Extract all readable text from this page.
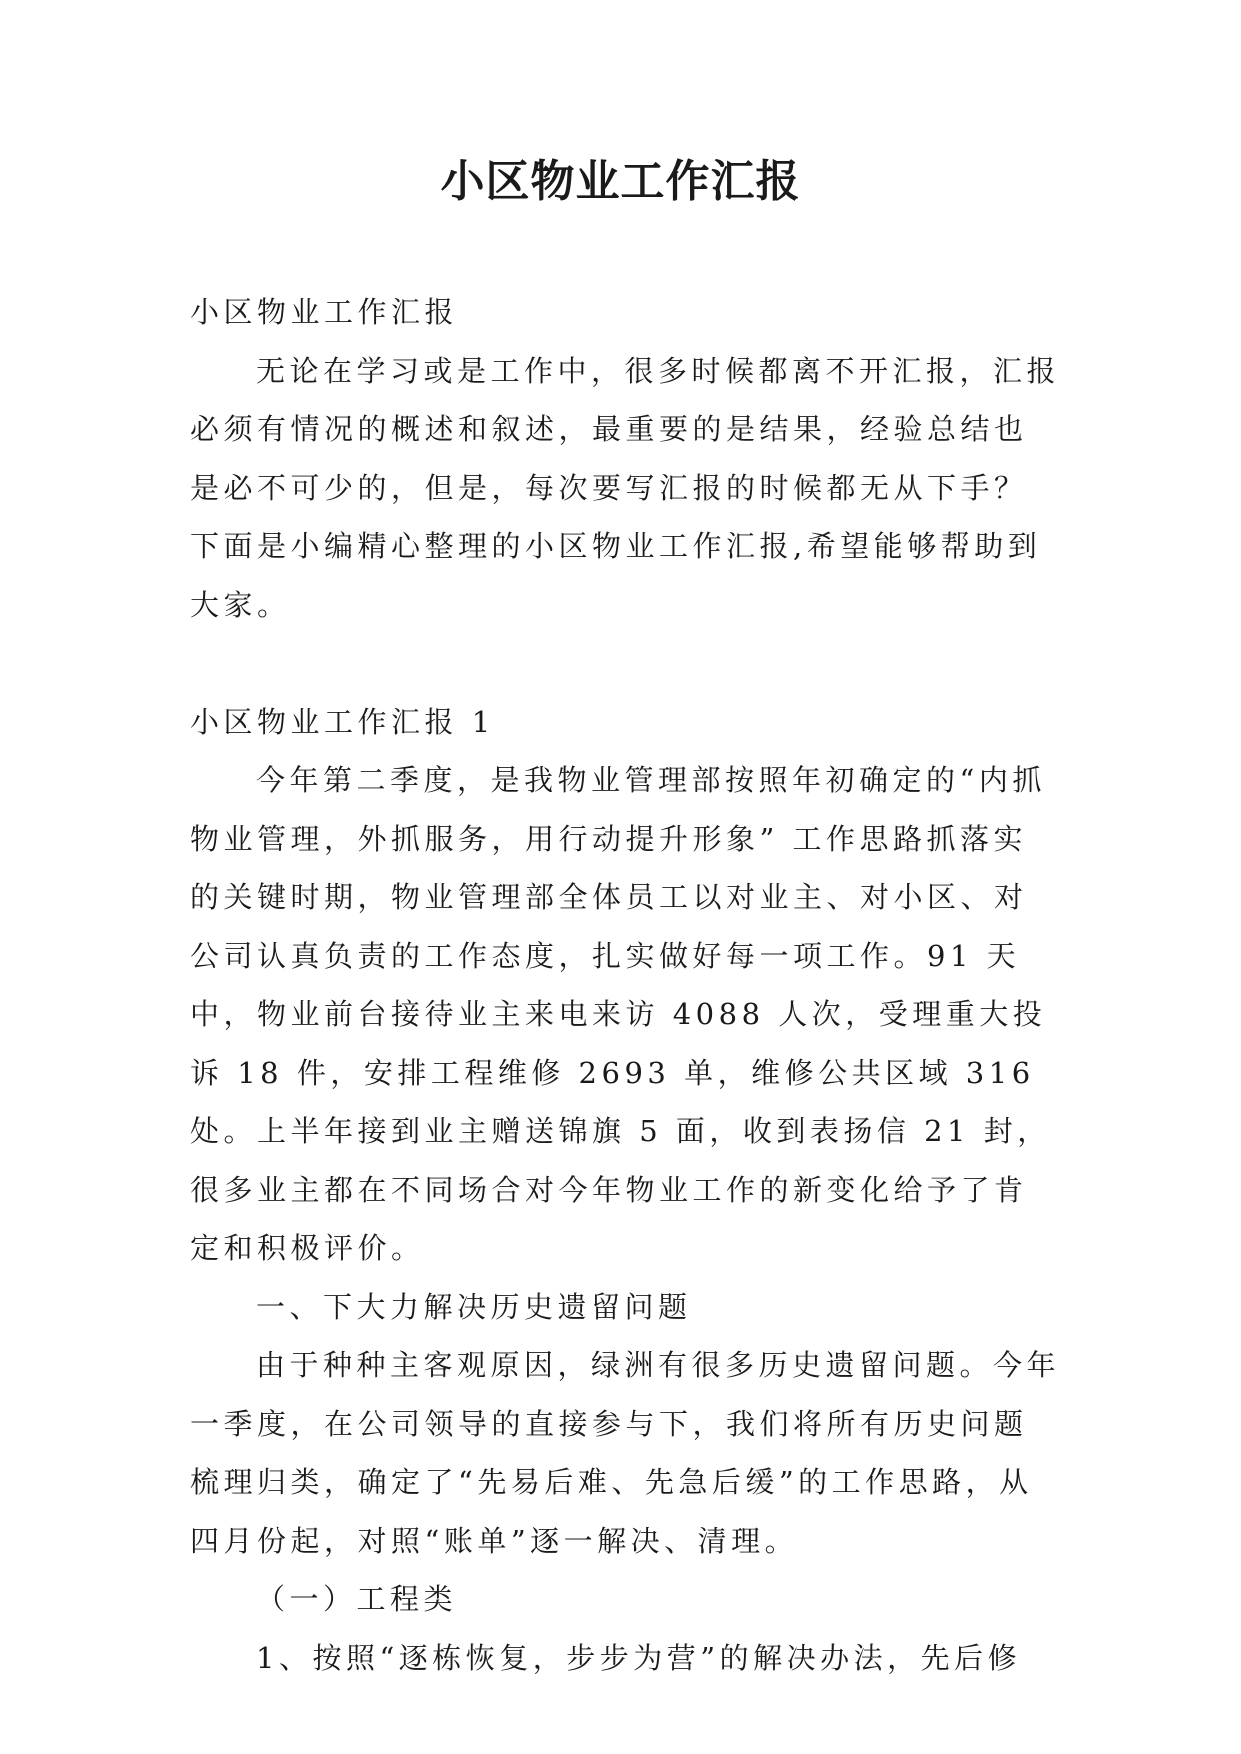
小区物业工作汇报

小区物业工作汇报

无论在学习或是工作中，很多时候都离不开汇报，汇报必须有情况的概述和叙述，最重要的是结果，经验总结也是必不可少的，但是，每次要写汇报的时候都无从下手？下面是小编精心整理的小区物业工作汇报,希望能够帮助到大家。

小区物业工作汇报 1

今年第二季度，是我物业管理部按照年初确定的“内抓物业管理，外抓服务，用行动提升形象” 工作思路抓落实的关键时期，物业管理部全体员工以对业主、对小区、对公司认真负责的工作态度，扎实做好每一项工作。91 天中，物业前台接待业主来电来访 4088 人次，受理重大投诉 18 件，安排工程维修 2693 单，维修公共区域 316 处。上半年接到业主赠送锦旗 5 面，收到表扬信 21 封，很多业主都在不同场合对今年物业工作的新变化给予了肯定和积极评价。

一、下大力解决历史遗留问题

由于种种主客观原因，绿洲有很多历史遗留问题。今年一季度，在公司领导的直接参与下，我们将所有历史问题梳理归类，确定了“先易后难、先急后缓”的工作思路，从四月份起，对照“账单”逐一解决、清理。

（一）工程类

1、按照“逐栋恢复，步步为营”的解决办法，先后修
